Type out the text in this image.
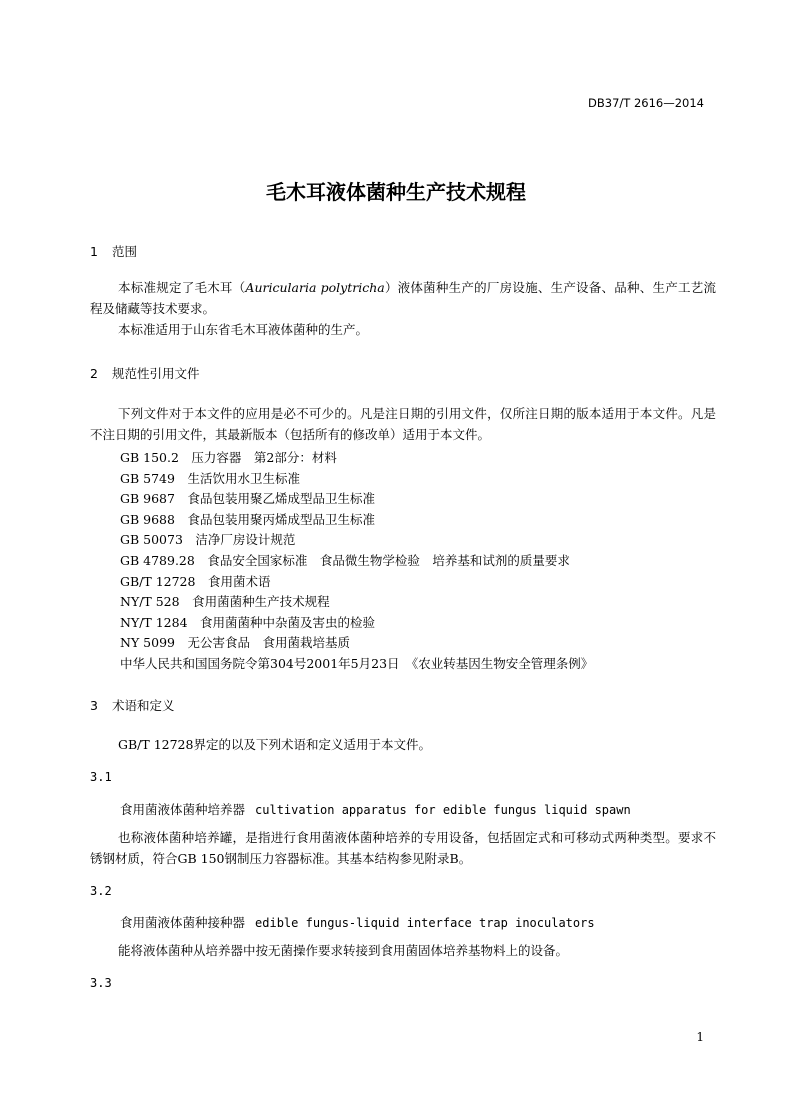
DB37/T 2616—2014

毛木耳液体菌种生产技术规程
1 范围

本标准规定了毛木耳（Auricularia polytricha）液体菌种生产的厂房设施、生产设备、品种、生产工艺流程及储藏等技术要求。

本标准适用于山东省毛木耳液体菌种的生产。

2 规范性引用文件

下列文件对于本文件的应用是必不可少的。凡是注日期的引用文件，仅所注日期的版本适用于本文件。凡是不注日期的引用文件，其最新版本（包括所有的修改单）适用于本文件。

GB 150.2　压力容器　第2部分：材料

GB 5749　生活饮用水卫生标准

GB 9687　食品包装用聚乙烯成型品卫生标准

GB 9688　食品包装用聚丙烯成型品卫生标准

GB 50073　洁净厂房设计规范

GB 4789.28　食品安全国家标准　食品微生物学检验　培养基和试剂的质量要求

GB/T 12728　食用菌术语

NY/T 528　食用菌菌种生产技术规程

NY/T 1284　食用菌菌种中杂菌及害虫的检验

NY 5099　无公害食品　食用菌栽培基质

中华人民共和国国务院令第304号2001年5月23日　《农业转基因生物安全管理条例》

3 术语和定义

GB/T 12728界定的以及下列术语和定义适用于本文件。

3.1

食用菌液体菌种培养器 cultivation apparatus for edible fungus liquid spawn

也称液体菌种培养罐，是指进行食用菌液体菌种培养的专用设备，包括固定式和可移动式两种类型。要求不锈钢材质，符合GB 150钢制压力容器标准。其基本结构参见附录B。

3.2

食用菌液体菌种接种器 edible fungus-liquid interface trap inoculators

能将液体菌种从培养器中按无菌操作要求转接到食用菌固体培养基物料上的设备。

3.3

1
